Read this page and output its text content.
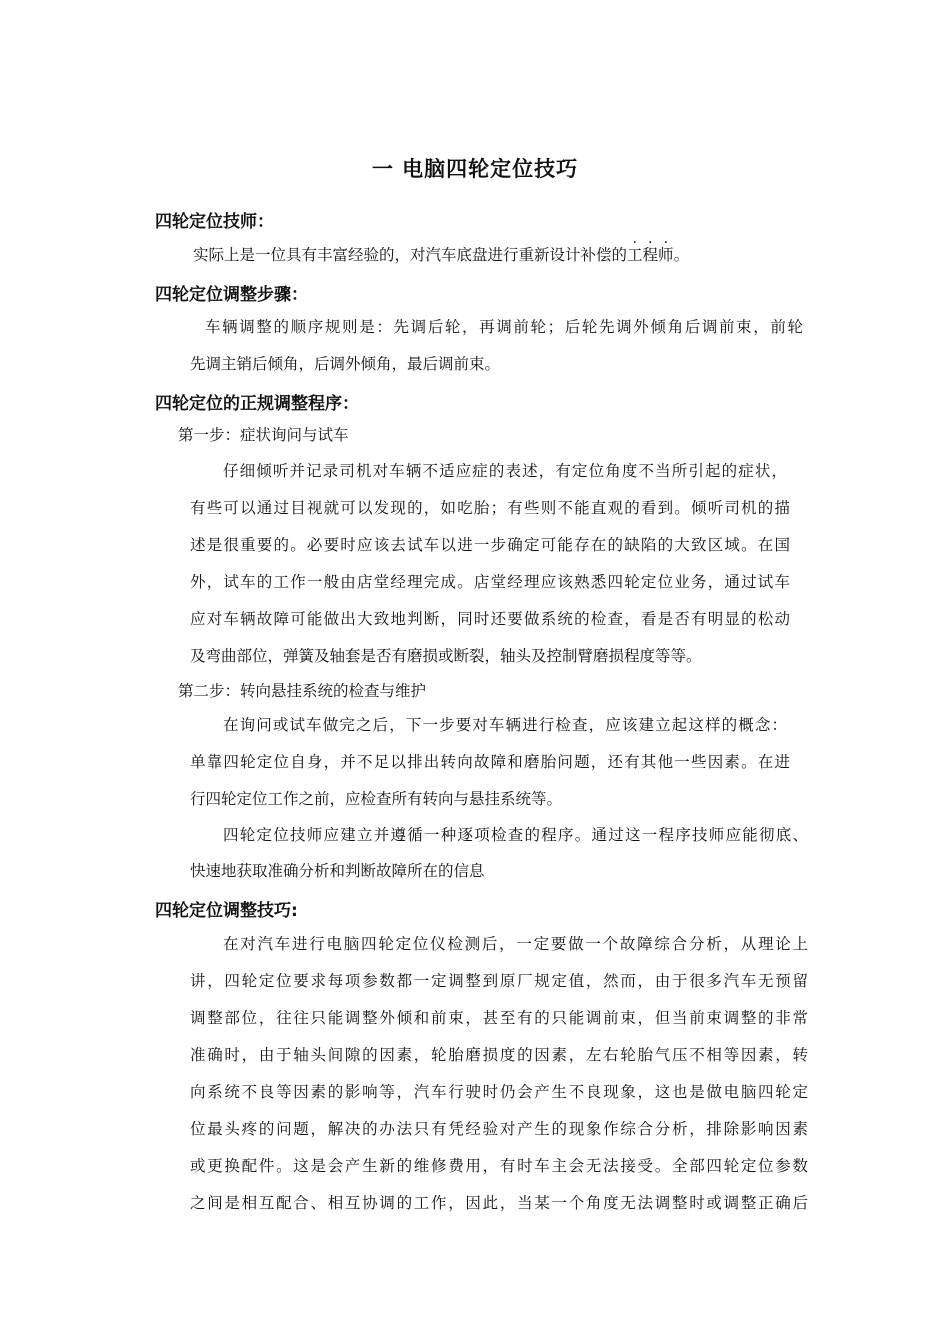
一 电脑四轮定位技巧
四轮定位技师：
实际上是一位具有丰富经验的，对汽车底盘进行重新设计补偿的工程师。
四轮定位调整步骤：
车辆调整的顺序规则是：先调后轮，再调前轮；后轮先调外倾角后调前束，前轮
先调主销后倾角，后调外倾角，最后调前束。
四轮定位的正规调整程序：
第一步：症状询问与试车
仔细倾听并记录司机对车辆不适应症的表述，有定位角度不当所引起的症状，
有些可以通过目视就可以发现的，如吃胎；有些则不能直观的看到。倾听司机的描
述是很重要的。必要时应该去试车以进一步确定可能存在的缺陷的大致区域。在国
外，试车的工作一般由店堂经理完成。店堂经理应该熟悉四轮定位业务，通过试车
应对车辆故障可能做出大致地判断，同时还要做系统的检查，看是否有明显的松动
及弯曲部位，弹簧及轴套是否有磨损或断裂，轴头及控制臂磨损程度等等。
第二步：转向悬挂系统的检查与维护
在询问或试车做完之后，下一步要对车辆进行检查，应该建立起这样的概念：
单靠四轮定位自身，并不足以排出转向故障和磨胎问题，还有其他一些因素。在进
行四轮定位工作之前，应检查所有转向与悬挂系统等。
四轮定位技师应建立并遵循一种逐项检查的程序。通过这一程序技师应能彻底、
快速地获取准确分析和判断故障所在的信息
四轮定位调整技巧:
在对汽车进行电脑四轮定位仪检测后，一定要做一个故障综合分析，从理论上
讲，四轮定位要求每项参数都一定调整到原厂规定值，然而，由于很多汽车无预留
调整部位，往往只能调整外倾和前束，甚至有的只能调前束，但当前束调整的非常
准确时，由于轴头间隙的因素，轮胎磨损度的因素，左右轮胎气压不相等因素，转
向系统不良等因素的影响等，汽车行驶时仍会产生不良现象，这也是做电脑四轮定
位最头疼的问题，解决的办法只有凭经验对产生的现象作综合分析，排除影响因素
或更换配件。这是会产生新的维修费用，有时车主会无法接受。全部四轮定位参数
之间是相互配合、相互协调的工作，因此，当某一个角度无法调整时或调整正确后
